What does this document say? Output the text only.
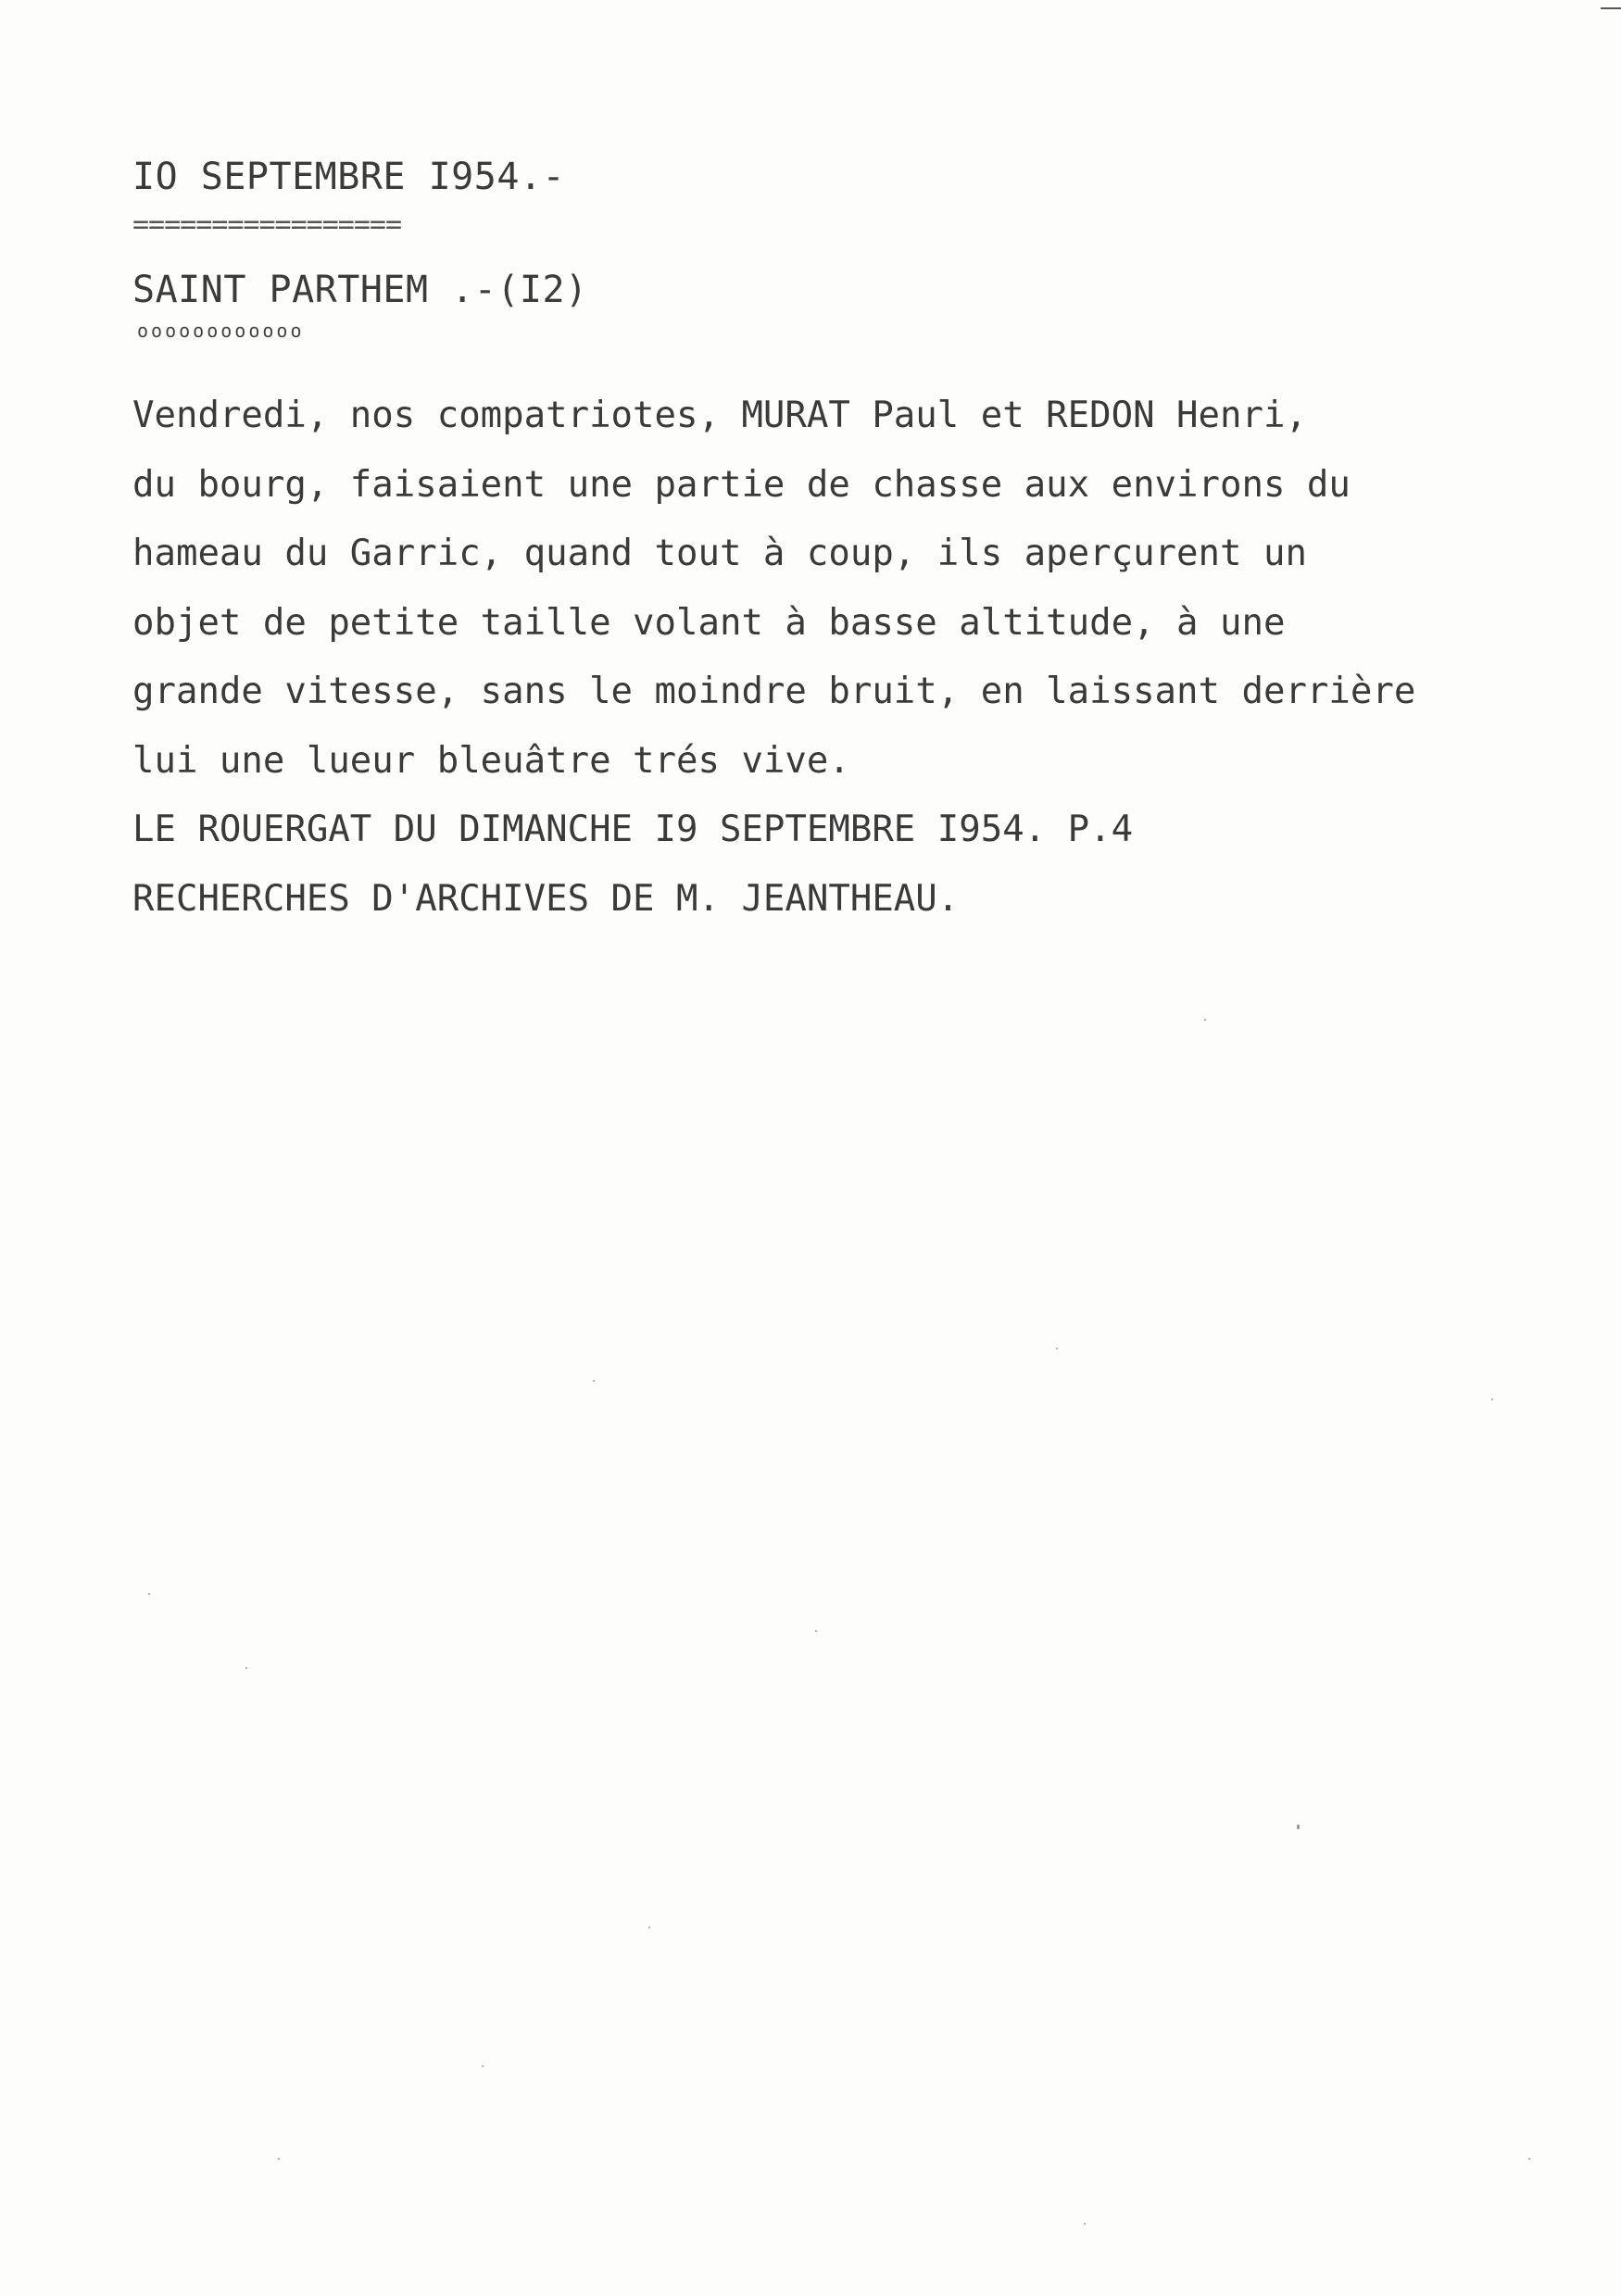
IO SEPTEMBRE I954.-
=================
SAINT PARTHEM .-(I2)
oooooooooooo
Vendredi, nos compatriotes, MURAT Paul et REDON Henri,
du bourg, faisaient une partie de chasse aux environs du
hameau du Garric, quand tout à coup, ils aperçurent un
objet de petite taille volant à basse altitude, à une
grande vitesse, sans le moindre bruit, en laissant derrière
lui une lueur bleuâtre trés vive.
LE ROUERGAT DU DIMANCHE I9 SEPTEMBRE I954. P.4
RECHERCHES D'ARCHIVES DE M. JEANTHEAU.
